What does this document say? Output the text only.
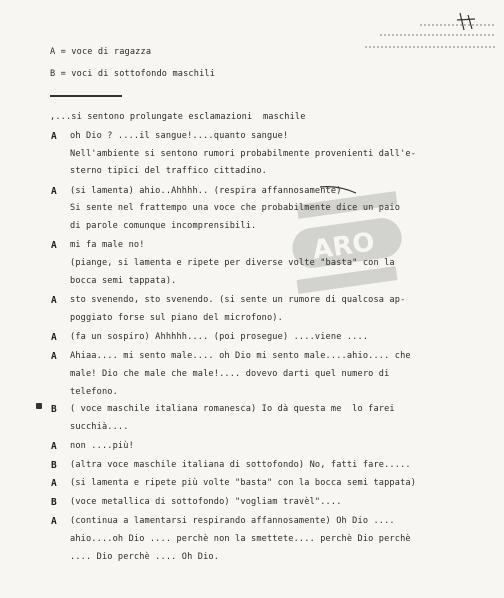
A = voce di ragazza
B = voci di sottofondo maschili
ARO
,...si sentono prolungate esclamazioni  maschile
A oh Dio ? ....il sangue!....quanto sangue!
Nell'ambiente si sentono rumori probabilmente provenienti dall'e-
sterno tipici del traffico cittadino.
A (si lamenta) ahio..Ahhhh.. (respira affannosamente)
Si sente nel frattempo una voce che probabilmente dice un paio
di parole comunque incomprensibili.
A mi fa male no!
(piange, si lamenta e ripete per diverse volte "basta" con la
bocca semi tappata).
A sto svenendo, sto svenendo. (si sente un rumore di qualcosa ap-
poggiato forse sul piano del microfono).
A (fa un sospiro) Ahhhhh.... (poi prosegue) ....viene ....
A Ahiaa.... mi sento male.... oh Dio mi sento male....ahio.... che
male! Dio che male che male!.... dovevo darti quel numero di
telefono.
B ( voce maschile italiana romanesca) Io dà questa me  lo farei
succhià....
A non ....più!
B (altra voce maschile italiana di sottofondo) No, fatti fare.....
A (si lamenta e ripete più volte "basta" con la bocca semi tappata)
B (voce metallica di sottofondo) "vogliam travèl"....
A (continua a lamentarsi respirando affannosamente) Oh Dio ....
ahio....oh Dio .... perchè non la smettete.... perchè Dio perchè
.... Dio perchè .... Oh Dio.
